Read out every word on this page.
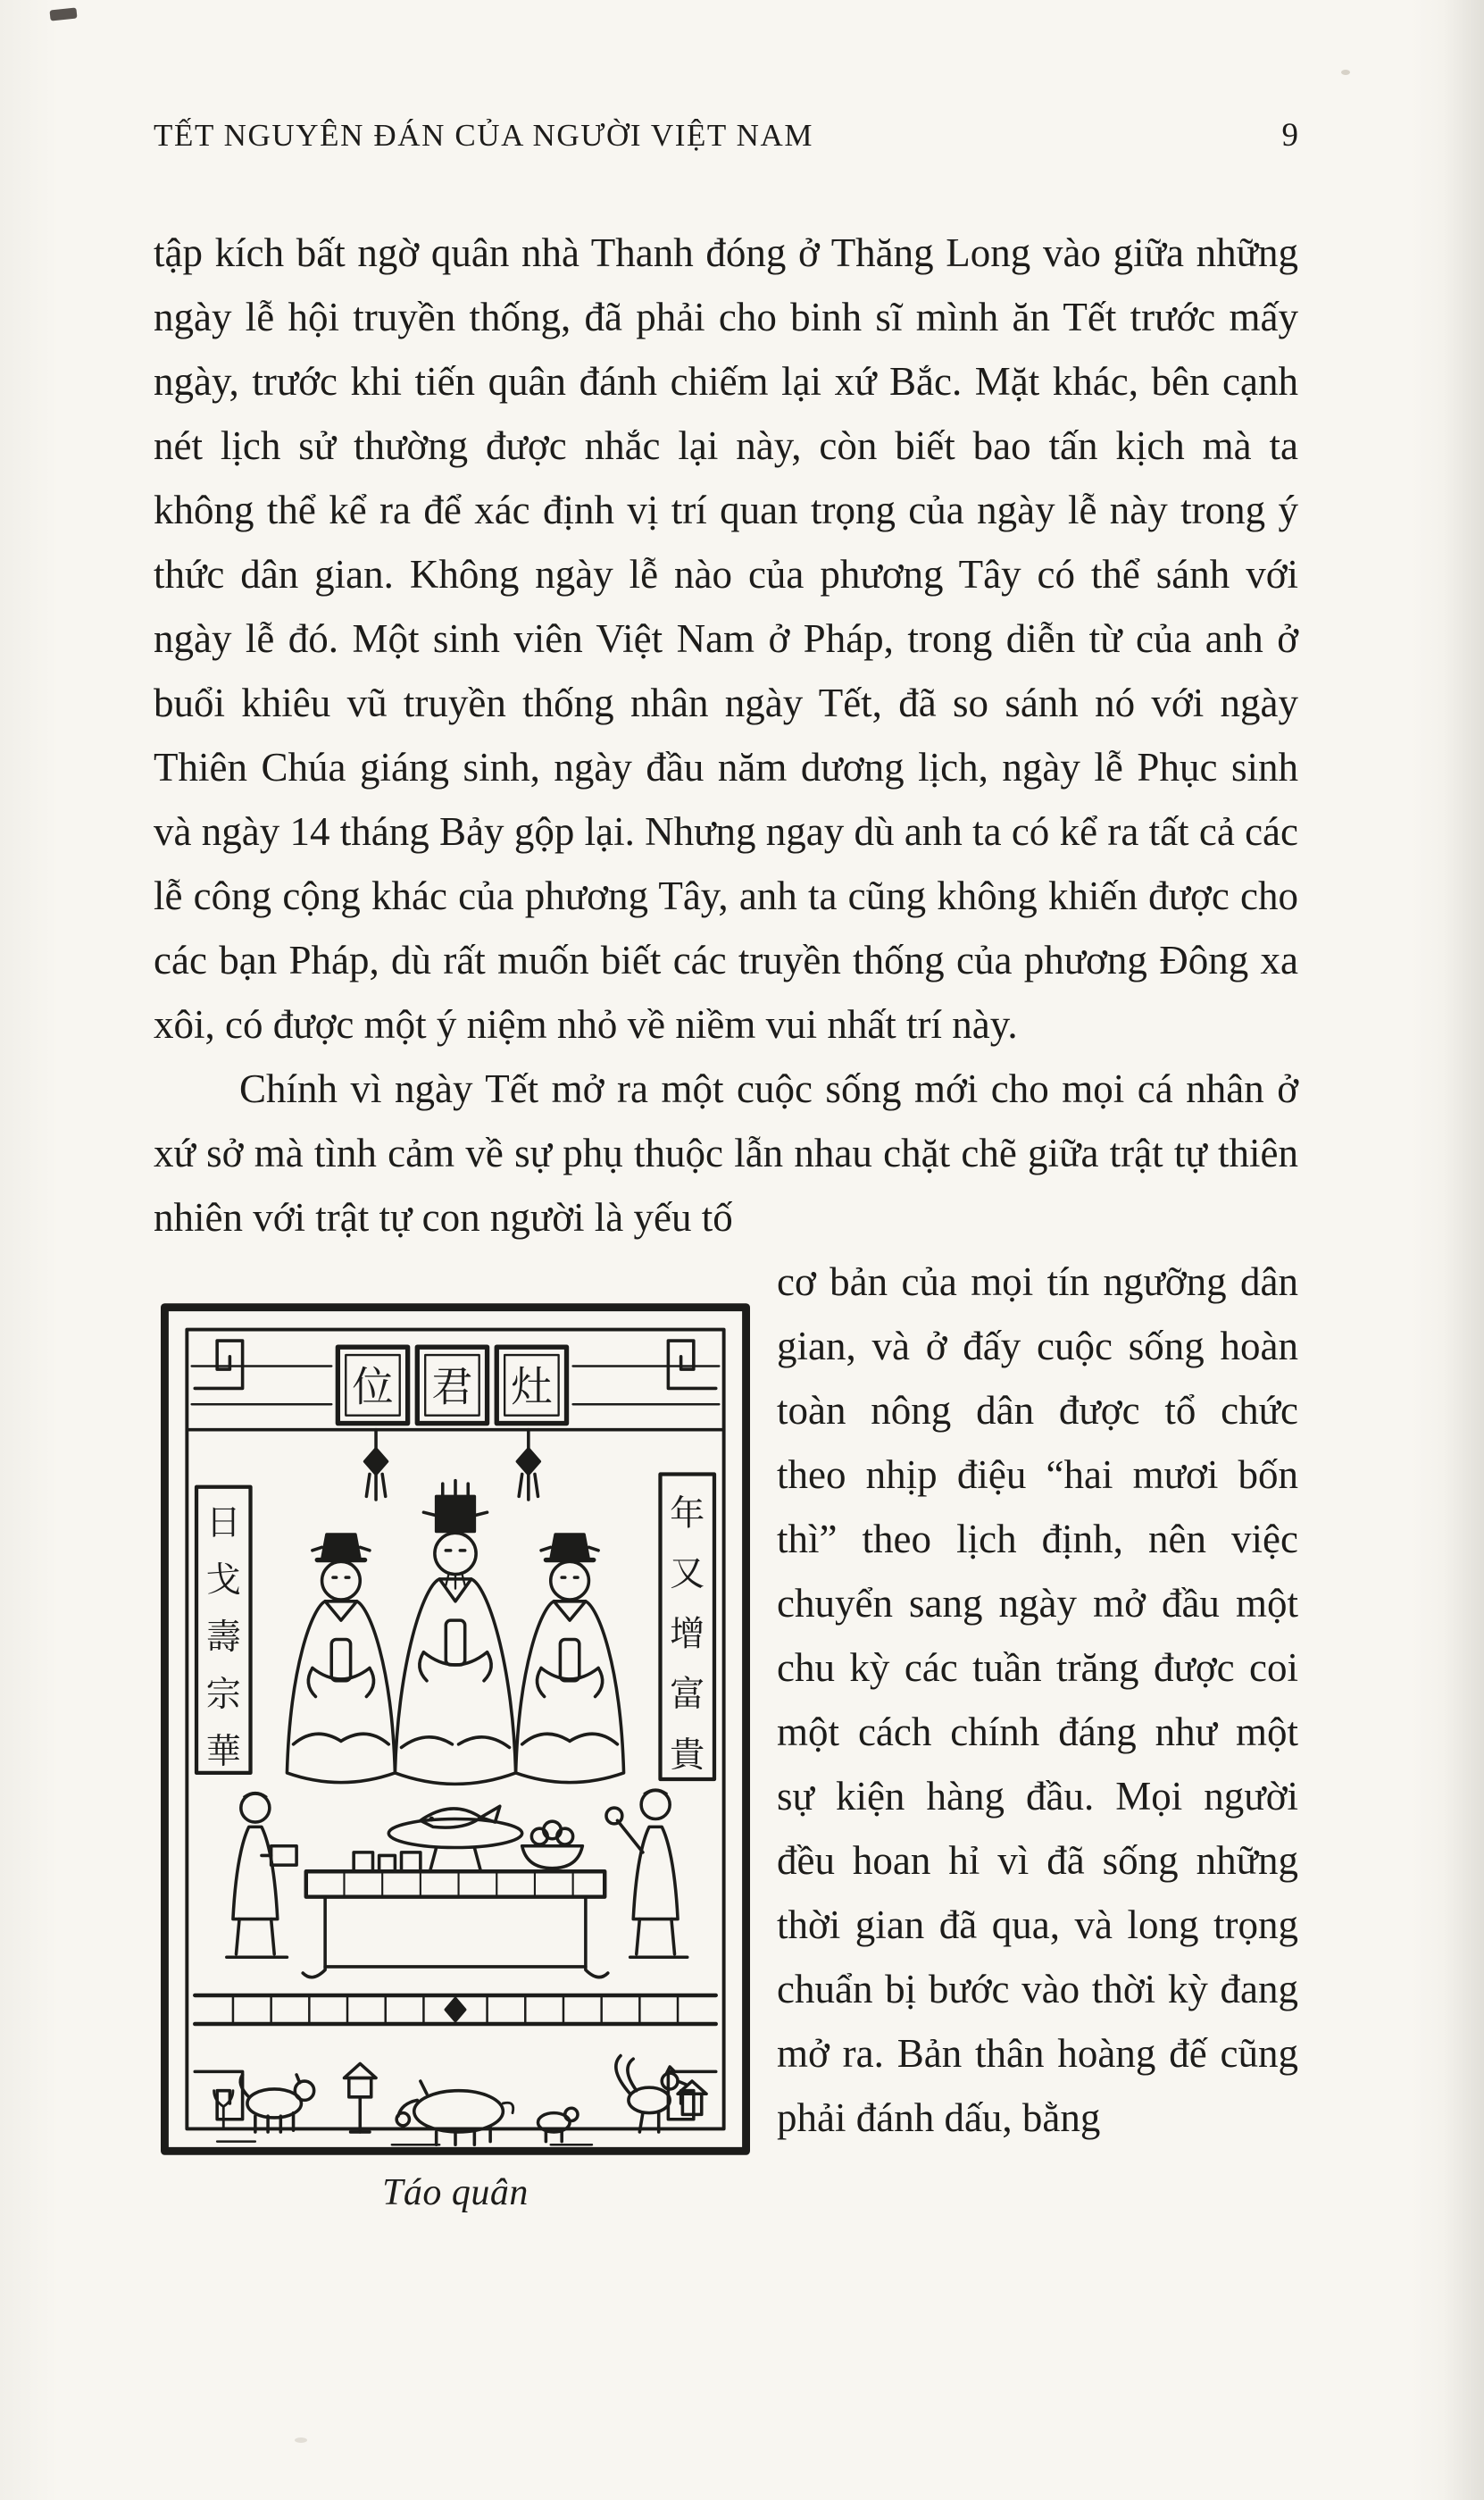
TẾT NGUYÊN ĐÁN CỦA NGƯỜI VIỆT NAM	9

tập kích bất ngờ quân nhà Thanh đóng ở Thăng Long vào giữa những ngày lễ hội truyền thống, đã phải cho binh sĩ mình ăn Tết trước mấy ngày, trước khi tiến quân đánh chiếm lại xứ Bắc. Mặt khác, bên cạnh nét lịch sử thường được nhắc lại này, còn biết bao tấn kịch mà ta không thể kể ra để xác định vị trí quan trọng của ngày lễ này trong ý thức dân gian. Không ngày lễ nào của phương Tây có thể sánh với ngày lễ đó. Một sinh viên Việt Nam ở Pháp, trong diễn từ của anh ở buổi khiêu vũ truyền thống nhân ngày Tết, đã so sánh nó với ngày Thiên Chúa giáng sinh, ngày đầu năm dương lịch, ngày lễ Phục sinh và ngày 14 tháng Bảy gộp lại. Nhưng ngay dù anh ta có kể ra tất cả các lễ công cộng khác của phương Tây, anh ta cũng không khiến được cho các bạn Pháp, dù rất muốn biết các truyền thống của phương Đông xa xôi, có được một ý niệm nhỏ về niềm vui nhất trí này.

Chính vì ngày Tết mở ra một cuộc sống mới cho mọi cá nhân ở xứ sở mà tình cảm về sự phụ thuộc lẫn nhau chặt chẽ giữa trật tự thiên nhiên với trật tự con người là yếu tố

位 君 灶
日
戈
壽
宗
華
年
又
增
富
貴
Táo quân

cơ bản của mọi tín ngưỡng dân gian, và ở đấy cuộc sống hoàn toàn nông dân được tổ chức theo nhịp điệu “hai mươi bốn thì” theo lịch định, nên việc chuyển sang ngày mở đầu một chu kỳ các tuần trăng được coi một cách chính đáng như một sự kiện hàng đầu. Mọi người đều hoan hỉ vì đã sống những thời gian đã qua, và long trọng chuẩn bị bước vào thời kỳ đang mở ra. Bản thân hoàng đế cũng phải đánh dấu, bằng
